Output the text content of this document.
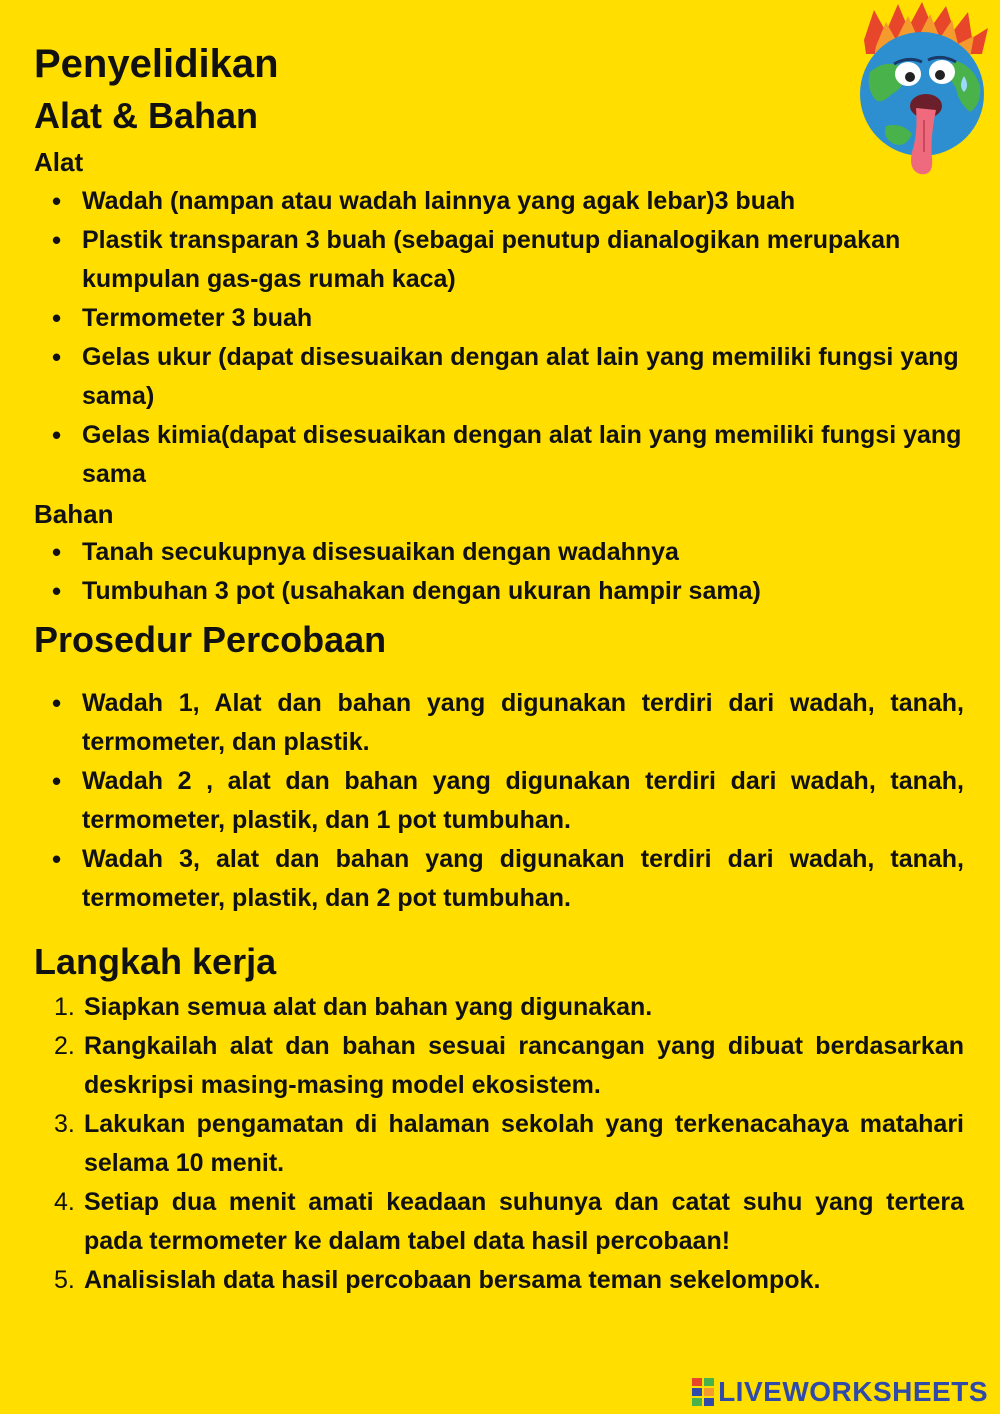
Penyelidikan
Alat & Bahan
Alat
• Wadah (nampan atau wadah lainnya yang agak lebar)3 buah
• Plastik transparan 3 buah (sebagai penutup dianalogikan merupakan kumpulan gas-gas rumah kaca)
• Termometer 3 buah
• Gelas ukur (dapat disesuaikan dengan alat lain yang memiliki fungsi yang sama)
• Gelas kimia(dapat disesuaikan dengan alat lain yang memiliki fungsi yang sama
Bahan
• Tanah secukupnya disesuaikan dengan wadahnya
• Tumbuhan 3 pot (usahakan dengan ukuran hampir sama)
Prosedur Percobaan
• Wadah 1, Alat dan bahan yang digunakan terdiri dari wadah, tanah, termometer, dan plastik.
• Wadah 2 , alat dan bahan yang digunakan terdiri dari wadah, tanah, termometer, plastik, dan 1 pot tumbuhan.
• Wadah 3, alat dan bahan yang digunakan terdiri dari wadah, tanah, termometer, plastik, dan 2 pot tumbuhan.
Langkah kerja
1. Siapkan semua alat dan bahan yang digunakan.
2. Rangkailah alat dan bahan sesuai rancangan yang dibuat berdasarkan deskripsi masing-masing model ekosistem.
3. Lakukan pengamatan di halaman sekolah yang terkenacahaya matahari selama 10 menit.
4. Setiap dua menit amati keadaan suhunya dan catat suhu yang tertera pada termometer ke dalam tabel data hasil percobaan!
5. Analisislah data hasil percobaan bersama teman sekelompok.
LIVEWORKSHEETS
